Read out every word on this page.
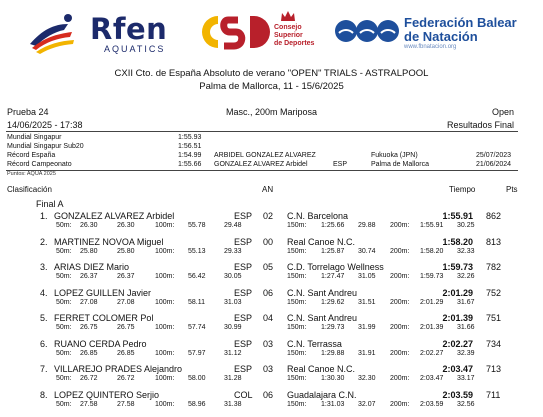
Rfen
AQUATICS
Consejo
Superior
de Deportes
Federación Balear
de Natación
www.fbnatacion.org
CXII Cto. de España Absoluto de verano "OPEN" TRIALS - ASTRALPOOL
Palma de Mallorca, 11 - 15/6/2025
Prueba 24	Masc., 200m Mariposa	Open
14/06/2025 - 17:38	Resultados Final
Mundial Singapur	1:55.93
Mundial Singapur Sub20	1:56.51
Récord España	1:54.99 ARBIDEL GONZALEZ ALVAREZ	Fukuoka (JPN)	25/07/2023
Récord Campeonato	1:55.66 GONZALEZ ALVAREZ Arbidel	ESP	Palma de Mallorca	21/06/2024
Puntos: AQUA 2025
Clasificación	AN	Tiempo	Pts
Final A
1. GONZALEZ ALVAREZ Arbidel	ESP 02 C.N. Barcelona	1:55.91 862
50m: 26.30	26.30	100m: 55.78	29.48	150m: 1:25.66 29.88 200m: 1:55.91 30.25
2. MARTINEZ NOVOA Miguel	ESP 00 Real Canoe N.C.	1:58.20 813
50m: 25.80	25.80	100m: 55.13	29.33	150m: 1:25.87 30.74 200m: 1:58.20 32.33
3. ARIAS DIEZ Mario	ESP 05 C.D. Torrelago Wellness	1:59.73 782
50m: 26.37	26.37	100m: 56.42	30.05	150m: 1:27.47 31.05 200m: 1:59.73 32.26
4. LOPEZ GUILLEN Javier	ESP 06 C.N. Sant Andreu	2:01.29 752
50m: 27.08	27.08	100m: 58.11	31.03	150m: 1:29.62 31.51 200m: 2:01.29 31.67
5. FERRET COLOMER Pol	ESP 04 C.N. Sant Andreu	2:01.39 751
50m: 26.75	26.75	100m: 57.74	30.99	150m: 1:29.73 31.99 200m: 2:01.39 31.66
6. RUANO CERDA Pedro	ESP 03 C.N. Terrassa	2:02.27 734
50m: 26.85	26.85	100m: 57.97	31.12	150m: 1:29.88 31.91 200m: 2:02.27 32.39
7. VILLAREJO PRADES Alejandro	ESP 03 Real Canoe N.C.	2:03.47 713
50m: 26.72	26.72	100m: 58.00	31.28	150m: 1:30.30 32.30 200m: 2:03.47 33.17
8. LOPEZ QUINTERO Serjio	COL 06 Guadalajara C.N.	2:03.59 711
50m: 27.58	27.58	100m: 58.96	31.38	150m: 1:31.03 32.07 200m: 2:03.59 32.56
